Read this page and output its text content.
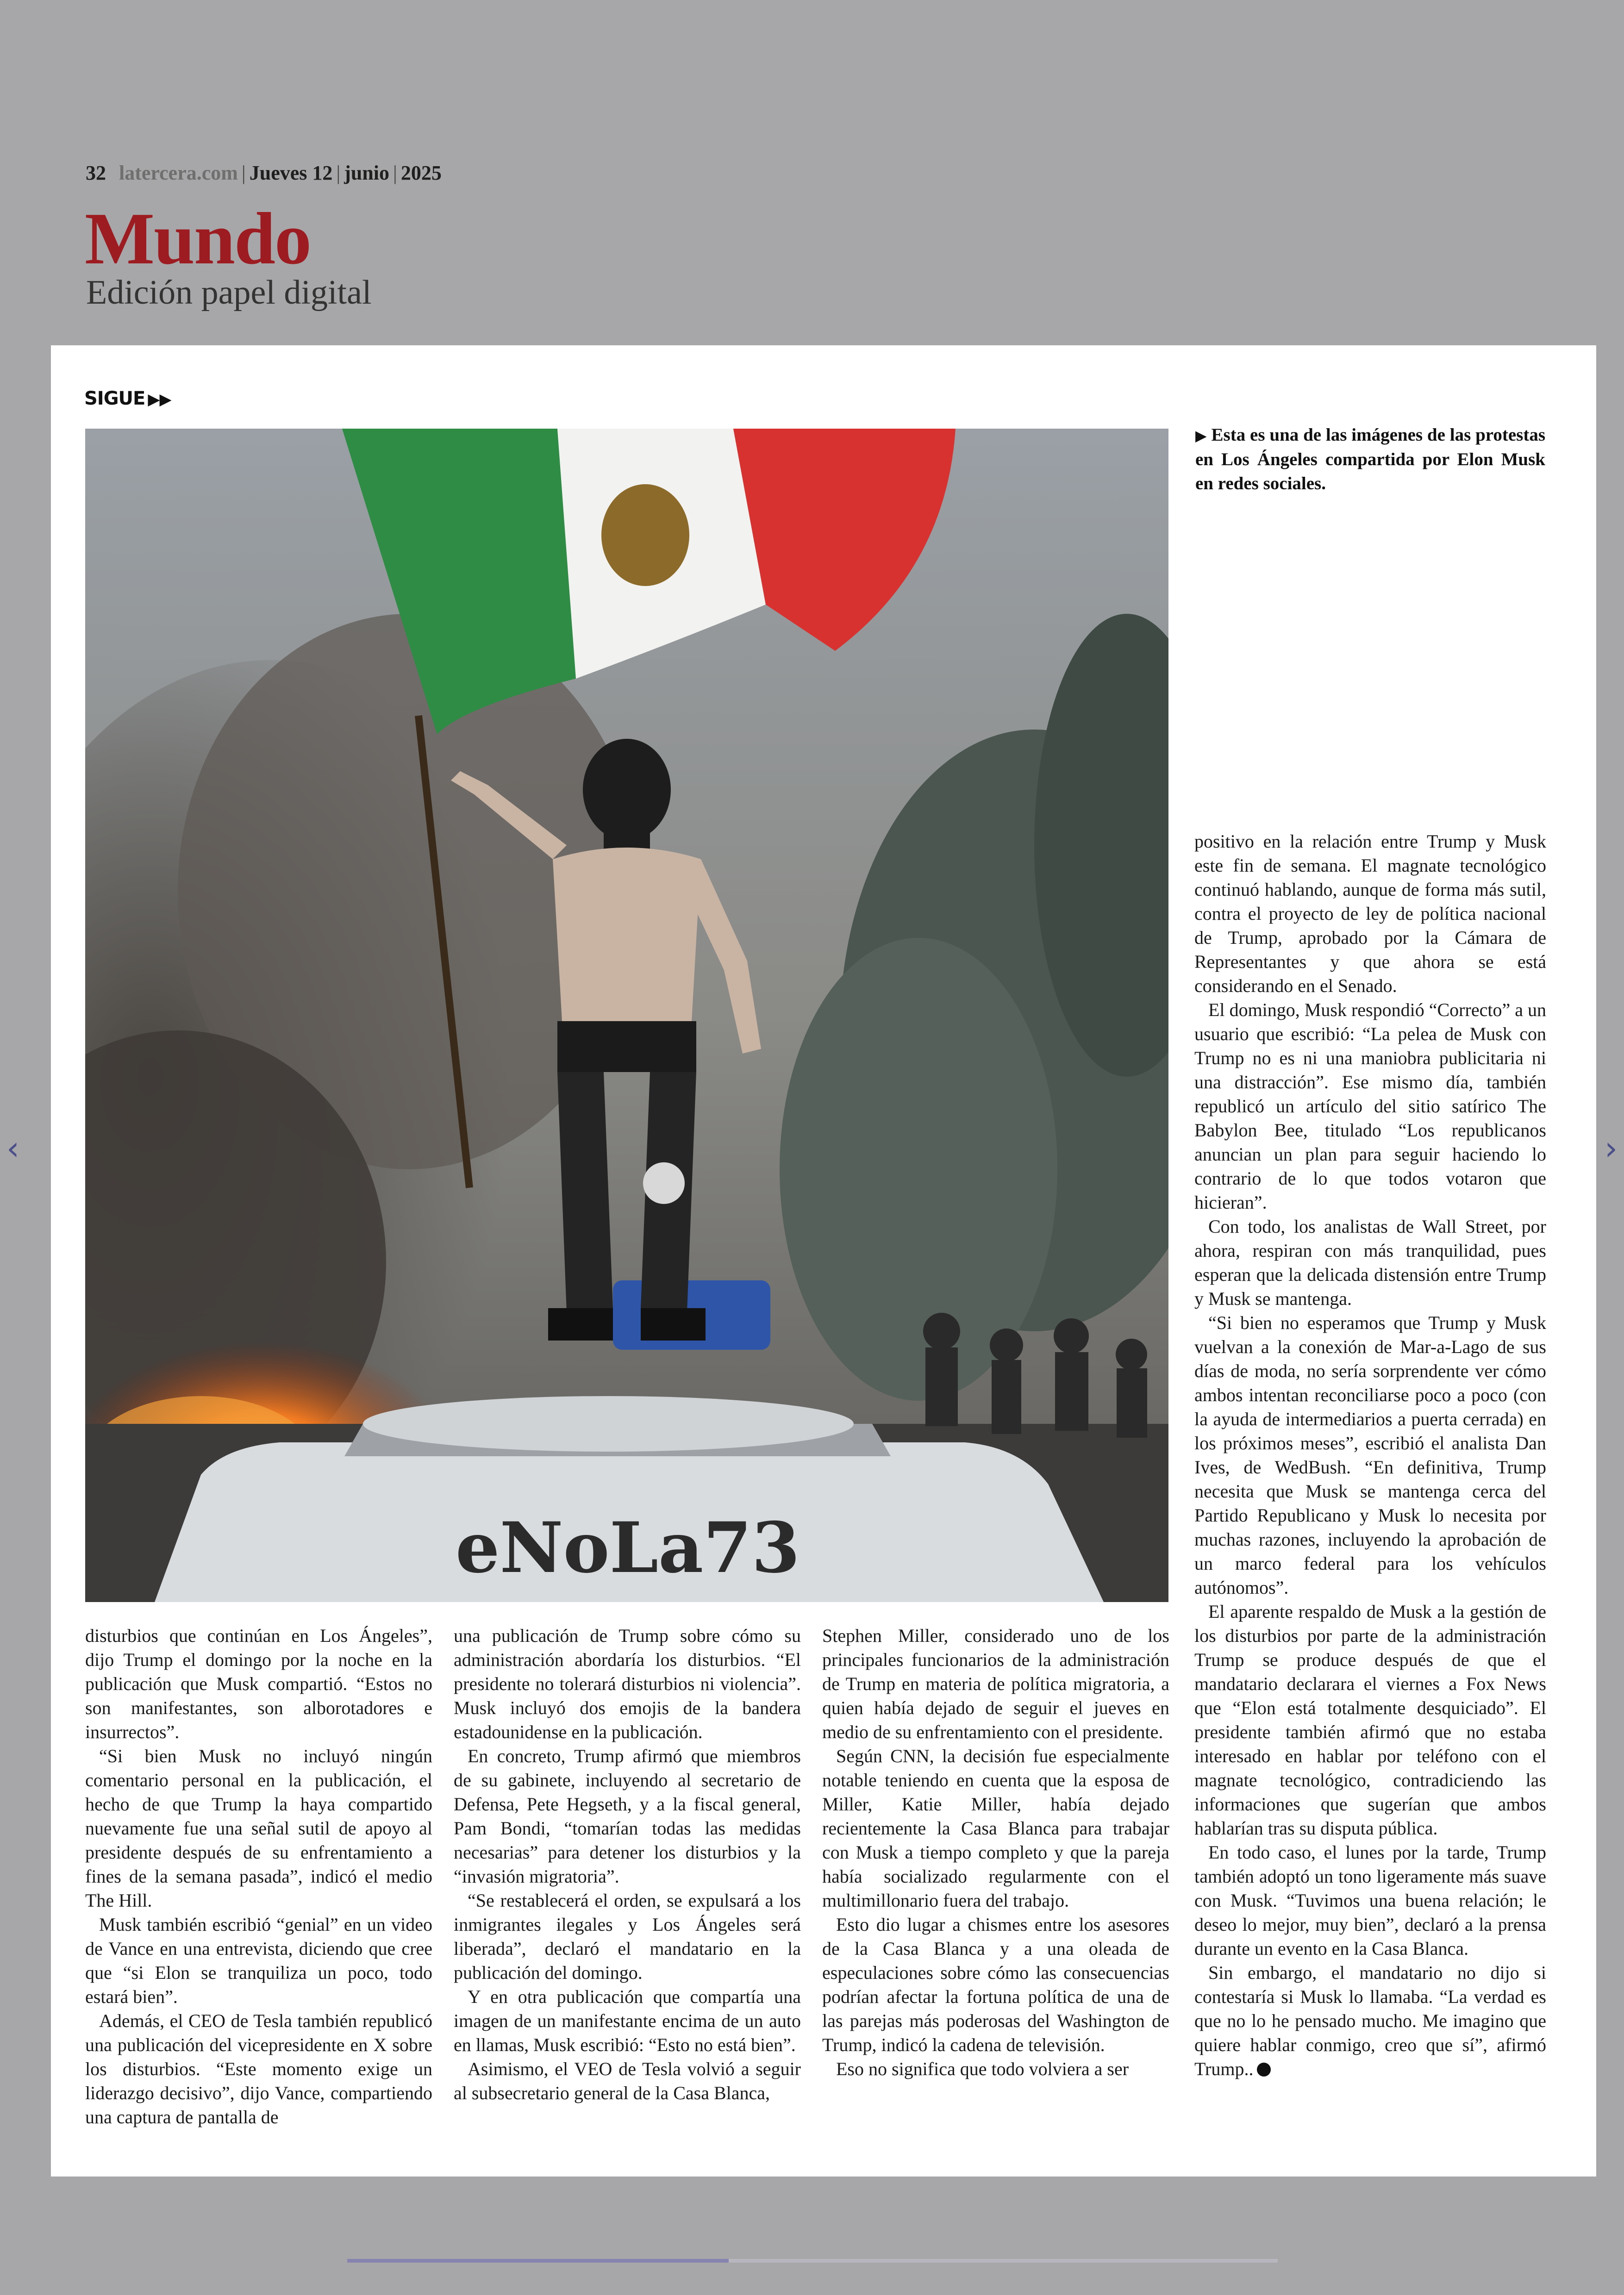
32 latercera.com | Jueves 12 | junio | 2025
Mundo
Edición papel digital
SIGUE ▶▶
eNoLa73
▶ Esta es una de las imágenes de las protestas en Los Ángeles compartida por Elon Musk en redes sociales.

disturbios que continúan en Los Ángeles”, dijo Trump el domingo por la noche en la publicación que Musk compartió. “Estos no son manifestantes, son alborotadores e insurrectos”.

“Si bien Musk no incluyó ningún comentario personal en la publicación, el hecho de que Trump la haya compartido nuevamente fue una señal sutil de apoyo al presidente después de su enfrentamiento a fines de la semana pasada”, indicó el medio The Hill.

Musk también escribió “genial” en un video de Vance en una entrevista, diciendo que cree que “si Elon se tranquiliza un poco, todo estará bien”.

Además, el CEO de Tesla también republicó una publicación del vicepresidente en X sobre los disturbios. “Este momento exige un liderazgo decisivo”, dijo Vance, compartiendo una captura de pantalla de

una publicación de Trump sobre cómo su administración abordaría los disturbios. “El presidente no tolerará disturbios ni violencia”. Musk incluyó dos emojis de la bandera estadounidense en la publicación.

En concreto, Trump afirmó que miembros de su gabinete, incluyendo al secretario de Defensa, Pete Hegseth, y a la fiscal general, Pam Bondi, “tomarían todas las medidas necesarias” para detener los disturbios y la “invasión migratoria”.

“Se restablecerá el orden, se expulsará a los inmigrantes ilegales y Los Ángeles será liberada”, declaró el mandatario en la publicación del domingo.

Y en otra publicación que compartía una imagen de un manifestante encima de un auto en llamas, Musk escribió: “Esto no está bien”.

Asimismo, el VEO de Tesla volvió a seguir al subsecretario general de la Casa Blanca,

Stephen Miller, considerado uno de los principales funcionarios de la administración de Trump en materia de política migratoria, a quien había dejado de seguir el jueves en medio de su enfrentamiento con el presidente.

Según CNN, la decisión fue especialmente notable teniendo en cuenta que la esposa de Miller, Katie Miller, había dejado recientemente la Casa Blanca para trabajar con Musk a tiempo completo y que la pareja había socializado regularmente con el multimillonario fuera del trabajo.

Esto dio lugar a chismes entre los asesores de la Casa Blanca y a una oleada de especulaciones sobre cómo las consecuencias podrían afectar la fortuna política de una de las parejas más poderosas del Washington de Trump, indicó la cadena de televisión.

Eso no significa que todo volviera a ser

positivo en la relación entre Trump y Musk este fin de semana. El magnate tecnológico continuó hablando, aunque de forma más sutil, contra el proyecto de ley de política nacional de Trump, aprobado por la Cámara de Representantes y que ahora se está considerando en el Senado.

El domingo, Musk respondió “Correcto” a un usuario que escribió: “La pelea de Musk con Trump no es ni una maniobra publicitaria ni una distracción”. Ese mismo día, también republicó un artículo del sitio satírico The Babylon Bee, titulado “Los republicanos anuncian un plan para seguir haciendo lo contrario de lo que todos votaron que hicieran”.

Con todo, los analistas de Wall Street, por ahora, respiran con más tranquilidad, pues esperan que la delicada distensión entre Trump y Musk se mantenga.

“Si bien no esperamos que Trump y Musk vuelvan a la conexión de Mar-a-Lago de sus días de moda, no sería sorprendente ver cómo ambos intentan reconciliarse poco a poco (con la ayuda de intermediarios a puerta cerrada) en los próximos meses”, escribió el analista Dan Ives, de WedBush. “En definitiva, Trump necesita que Musk se mantenga cerca del Partido Republicano y Musk lo necesita por muchas razones, incluyendo la aprobación de un marco federal para los vehículos autónomos”.

El aparente respaldo de Musk a la gestión de los disturbios por parte de la administración Trump se produce después de que el mandatario declarara el viernes a Fox News que “Elon está totalmente desquiciado”. El presidente también afirmó que no estaba interesado en hablar por teléfono con el magnate tecnológico, contradiciendo las informaciones que sugerían que ambos hablarían tras su disputa pública.

En todo caso, el lunes por la tarde, Trump también adoptó un tono ligeramente más suave con Musk. “Tuvimos una buena relación; le deseo lo mejor, muy bien”, declaró a la prensa durante un evento en la Casa Blanca.

Sin embargo, el mandatario no dijo si contestaría si Musk lo llamaba. “La verdad es que no lo he pensado mucho. Me imagino que quiere hablar conmigo, creo que sí”, afirmó Trump..

‹	›
